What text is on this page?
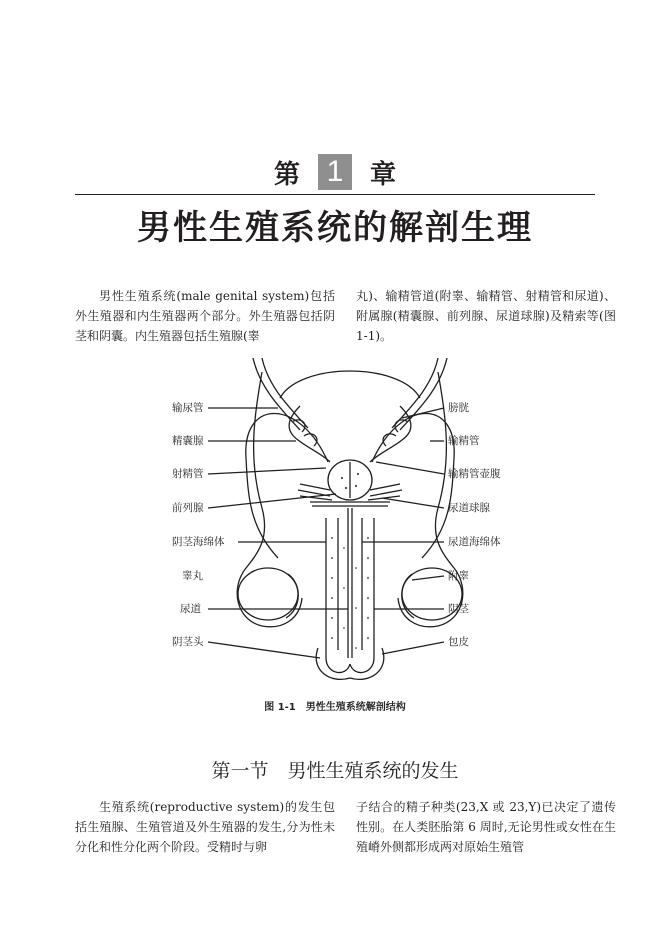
第 1	章
男性生殖系统的解剖生理

男性生殖系统(male genital system)包括外生殖器和内生殖器两个部分。外生殖器包括阴茎和阴囊。内生殖器包括生殖腺(睾

丸)、输精管道(附睾、输精管、射精管和尿道)、附属腺(精囊腺、前列腺、尿道球腺)及精索等(图 1-1)。

输尿管
精囊腺
射精管
前列腺
阴茎海绵体
睾丸
尿道
阴茎头
膀胱
输精管
输精管壶腹
尿道球腺
尿道海绵体
附睾
阴茎
包皮
图 1-1　男性生殖系统解剖结构
第一节　男性生殖系统的发生

生殖系统(reproductive system)的发生包括生殖腺、生殖管道及外生殖器的发生,分为性未分化和性分化两个阶段。受精时与卵

子结合的精子种类(23,X 或 23,Y)已决定了遗传性别。在人类胚胎第 6 周时,无论男性或女性在生殖嵴外侧都形成两对原始生殖管
